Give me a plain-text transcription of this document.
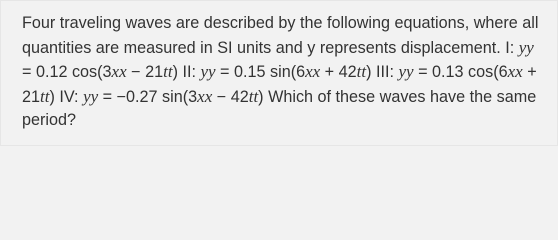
Four traveling waves are described by the following equations, where all quantities are measured in SI units and y represents displacement. I: yy = 0.12 cos(3xx − 21tt) II: yy = 0.15 sin(6xx + 42tt) III: yy = 0.13 cos(6xx + 21tt) IV: yy = −0.27 sin(3xx − 42tt) Which of these waves have the same period?
